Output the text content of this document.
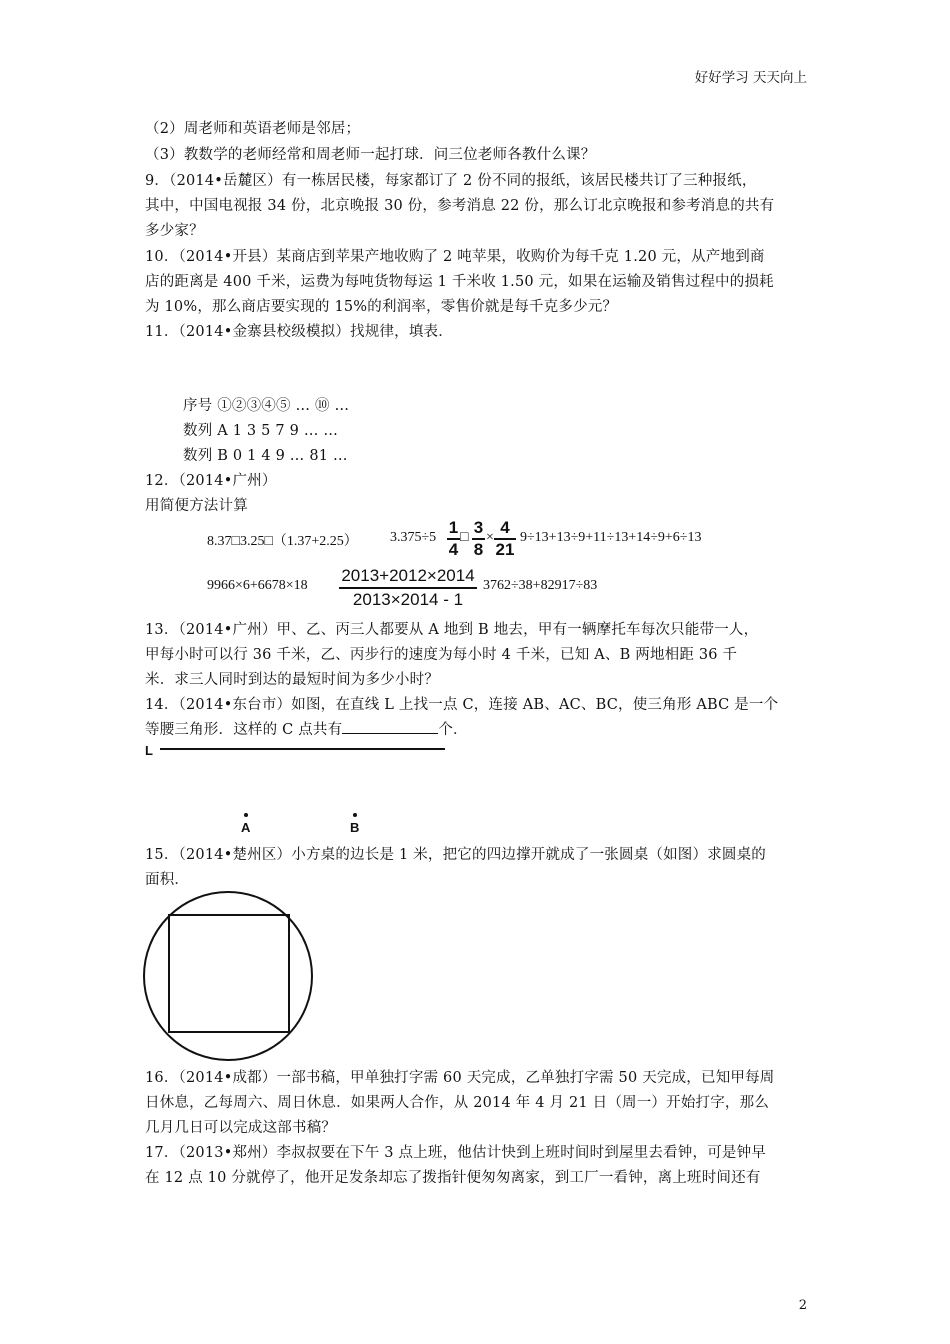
好好学习 天天向上
（2）周老师和英语老师是邻居；
（3）教数学的老师经常和周老师一起打球．问三位老师各教什么课？
9．（2014•岳麓区）有一栋居民楼，每家都订了 2 份不同的报纸，该居民楼共订了三种报纸，
其中，中国电视报 34 份，北京晚报 30 份，参考消息 22 份，那么订北京晚报和参考消息的共有
多少家？
10．（2014•开县）某商店到苹果产地收购了 2 吨苹果，收购价为每千克 1.20 元，从产地到商
店的距离是 400 千米，运费为每吨货物每运 1 千米收 1.50 元，如果在运输及销售过程中的损耗
为 10%，那么商店要实现的 15%的利润率，零售价就是每千克多少元？
11．（2014•金寨县校级模拟）找规律，填表．
序号 ①②③④⑤ … ⑩ …
数列 A 1 3 5 7 9 … …
数列 B 0 1 4 9 … 81 …
12．（2014•广州）
用简便方法计算
8.37□3.25□（1.37+2.25） 3.375÷5
1
4
□
3
8
×
4
21
9÷13+13÷9+11÷13+14÷9+6÷13
9966×6+6678×18
2013+2012×2014
2013×2014 - 1
3762÷38+82917÷83
13．（2014•广州）甲、乙、丙三人都要从 A 地到 B 地去，甲有一辆摩托车每次只能带一人，
甲每小时可以行 36 千米，乙、丙步行的速度为每小时 4 千米，已知 A、B 两地相距 36 千
米．求三人同时到达的最短时间为多少小时？
14．（2014•东台市）如图，在直线 L 上找一点 C，连接 AB、AC、BC，使三角形 ABC 是一个
等腰三角形．这样的 C 点共有	个．
L
A	B
15．（2014•楚州区）小方桌的边长是 1 米，把它的四边撑开就成了一张圆桌（如图）求圆桌的
面积．
16．（2014•成都）一部书稿，甲单独打字需 60 天完成，乙单独打字需 50 天完成，已知甲每周
日休息，乙每周六、周日休息．如果两人合作，从 2014 年 4 月 21 日（周一）开始打字，那么
几月几日可以完成这部书稿？
17．（2013•郑州）李叔叔要在下午 3 点上班，他估计快到上班时间时到屋里去看钟，可是钟早
在 12 点 10 分就停了，他开足发条却忘了拨指针便匆匆离家，到工厂一看钟，离上班时间还有
2
